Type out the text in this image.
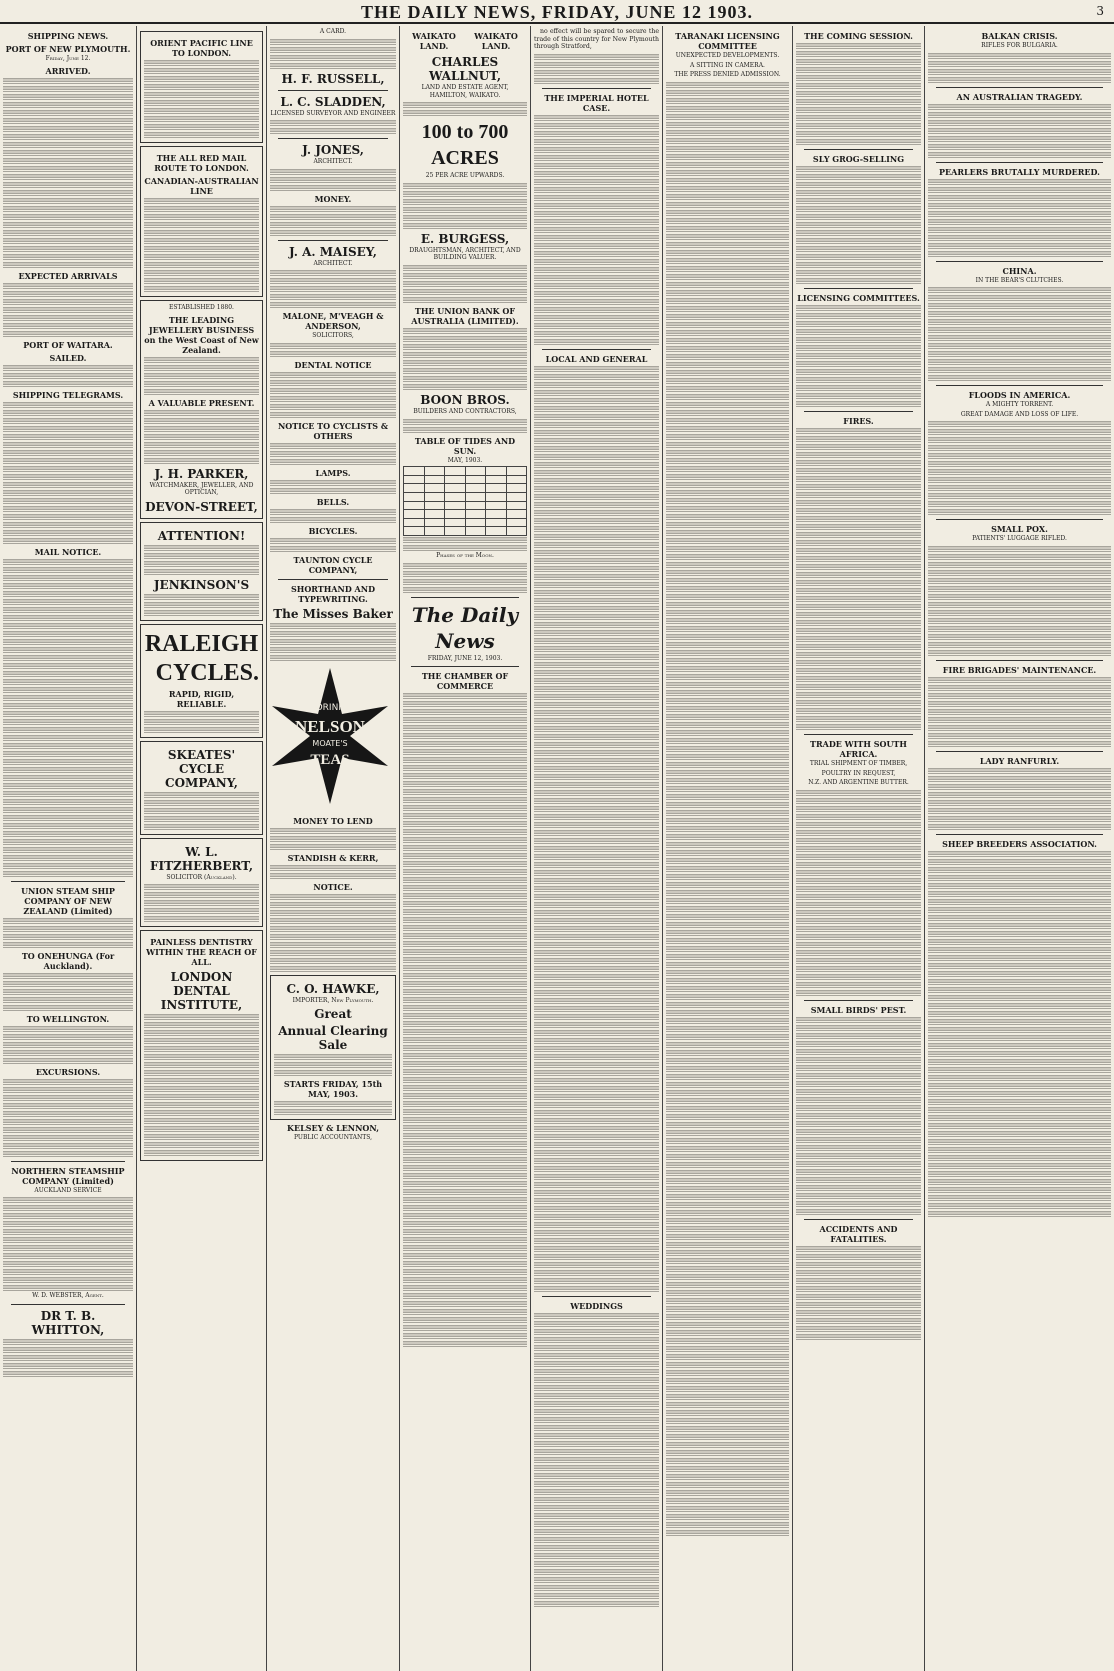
THE DAILY NEWS, FRIDAY, JUNE 12 1903.	3
SHIPPING NEWS.
PORT OF NEW PLYMOUTH.
Friday, June 12.
ARRIVED.
EXPECTED ARRIVALS
PORT OF WAITARA.
SAILED.
SHIPPING TELEGRAMS.
MAIL NOTICE.
UNION STEAM SHIP COMPANY OF NEW ZEALAND (Limited)
TO ONEHUNGA (For Auckland).
TO WELLINGTON.
EXCURSIONS.
NORTHERN STEAMSHIP COMPANY (Limited)
AUCKLAND SERVICE
W. D. WEBSTER, Agent.
DR T. B. WHITTON,
ORIENT PACIFIC LINE TO LONDON.
THE ALL RED MAIL ROUTE TO LONDON.
CANADIAN-AUSTRALIAN LINE
ESTABLISHED 1880.
THE LEADING JEWELLERY BUSINESS on the West Coast of New Zealand.
A VALUABLE PRESENT.
J. H. PARKER,
WATCHMAKER, JEWELLER, AND OPTICIAN,
DEVON-STREET,
ATTENTION!
JENKINSON'S
RALEIGH
CYCLES.
RAPID, RIGID, RELIABLE.
SKEATES' CYCLE COMPANY,
W. L. FITZHERBERT,
SOLICITOR (Auckland).
PAINLESS DENTISTRY WITHIN THE REACH OF ALL.
LONDON DENTAL INSTITUTE,
A CARD.
H. F. RUSSELL,
L. C. SLADDEN,
LICENSED SURVEYOR AND ENGINEER
J. JONES,
ARCHITECT.
MONEY.
J. A. MAISEY,
ARCHITECT.
MALONE, M'VEAGH & ANDERSON,
SOLICITORS,
DENTAL NOTICE
NOTICE TO CYCLISTS & OTHERS
LAMPS.
BELLS.
BICYCLES.
TAUNTON CYCLE COMPANY,
SHORTHAND AND TYPEWRITING.
The Misses Baker
DRINK
NELSON
MOATE'S
TEAS
MONEY TO LEND
STANDISH & KERR,
NOTICE.
C. O. HAWKE,
IMPORTER, New Plymouth.
Great
Annual Clearing Sale
STARTS FRIDAY, 15th MAY, 1903.
KELSEY & LENNON,
PUBLIC ACCOUNTANTS,
WAIKATO LAND.
WAIKATO LAND.
CHARLES WALLNUT,
LAND AND ESTATE AGENT, HAMILTON, WAIKATO.
100 to 700 ACRES
25 PER ACRE UPWARDS.
E. BURGESS,
DRAUGHTSMAN, ARCHITECT, AND BUILDING VALUER.
THE UNION BANK OF AUSTRALIA (LIMITED).
BOON BROS.
BUILDERS AND CONTRACTORS,
TABLE OF TIDES AND SUN.
MAY, 1903.

Phases of the Moon.
The Daily News
FRIDAY, JUNE 12, 1903.
THE CHAMBER OF COMMERCE
no effect will be spared to secure the trade of this country for New Plymouth through Stratford,
THE IMPERIAL HOTEL CASE.
LOCAL AND GENERAL
WEDDINGS
TARANAKI LICENSING COMMITTEE
UNEXPECTED DEVELOPMENTS.
A SITTING IN CAMERA.
THE PRESS DENIED ADMISSION.
THE COMING SESSION.
SLY GROG-SELLING
LICENSING COMMITTEES.
FIRES.
TRADE WITH SOUTH AFRICA.
TRIAL SHIPMENT OF TIMBER,
POULTRY IN REQUEST,
N.Z. AND ARGENTINE BUTTER.
SMALL BIRDS' PEST.
ACCIDENTS AND FATALITIES.
BALKAN CRISIS.
RIFLES FOR BULGARIA.
AN AUSTRALIAN TRAGEDY.
PEARLERS BRUTALLY MURDERED.
CHINA.
IN THE BEAR'S CLUTCHES.
FLOODS IN AMERICA.
A MIGHTY TORRENT.
GREAT DAMAGE AND LOSS OF LIFE.
SMALL POX.
PATIENTS' LUGGAGE RIFLED.
FIRE BRIGADES' MAINTENANCE.
LADY RANFURLY.
SHEEP BREEDERS ASSOCIATION.
